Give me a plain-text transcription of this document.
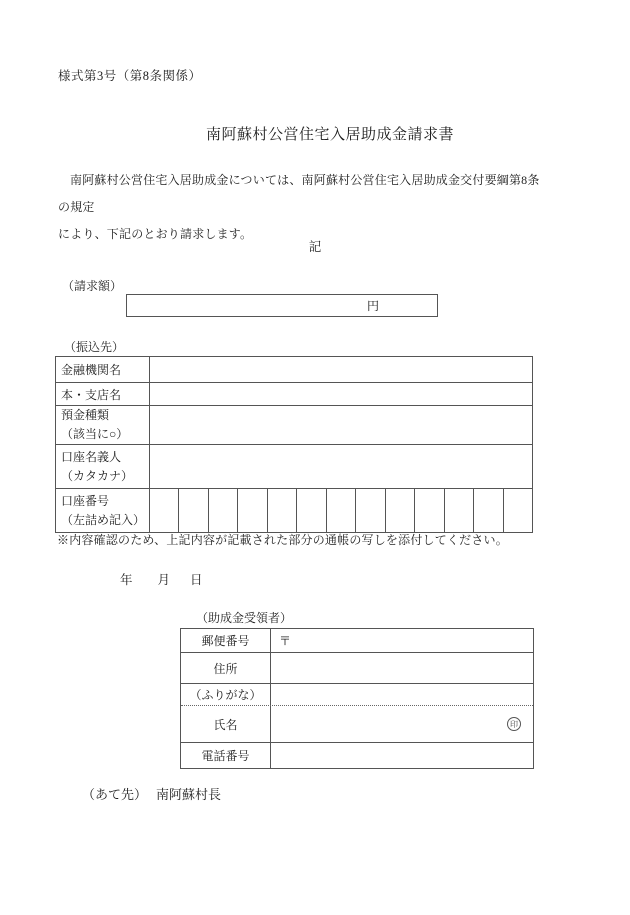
様式第3号（第8条関係）
南阿蘇村公営住宅入居助成金請求書
南阿蘇村公営住宅入居助成金については、南阿蘇村公営住宅入居助成金交付要綱第8条の規定
により、下記のとおり請求します。
記
（請求額）
円
（振込先）
金融機関名
本・支店名
預金種類
（該当に○）
口座名義人
（カタカナ）
口座番号
（左詰め記入）
※内容確認のため、上記内容が記載された部分の通帳の写しを添付してください。
年 月 日
（助成金受領者）
郵便番号	〒
住所
（ふりがな）
氏名	印
電話番号
（あて先） 南阿蘇村長
